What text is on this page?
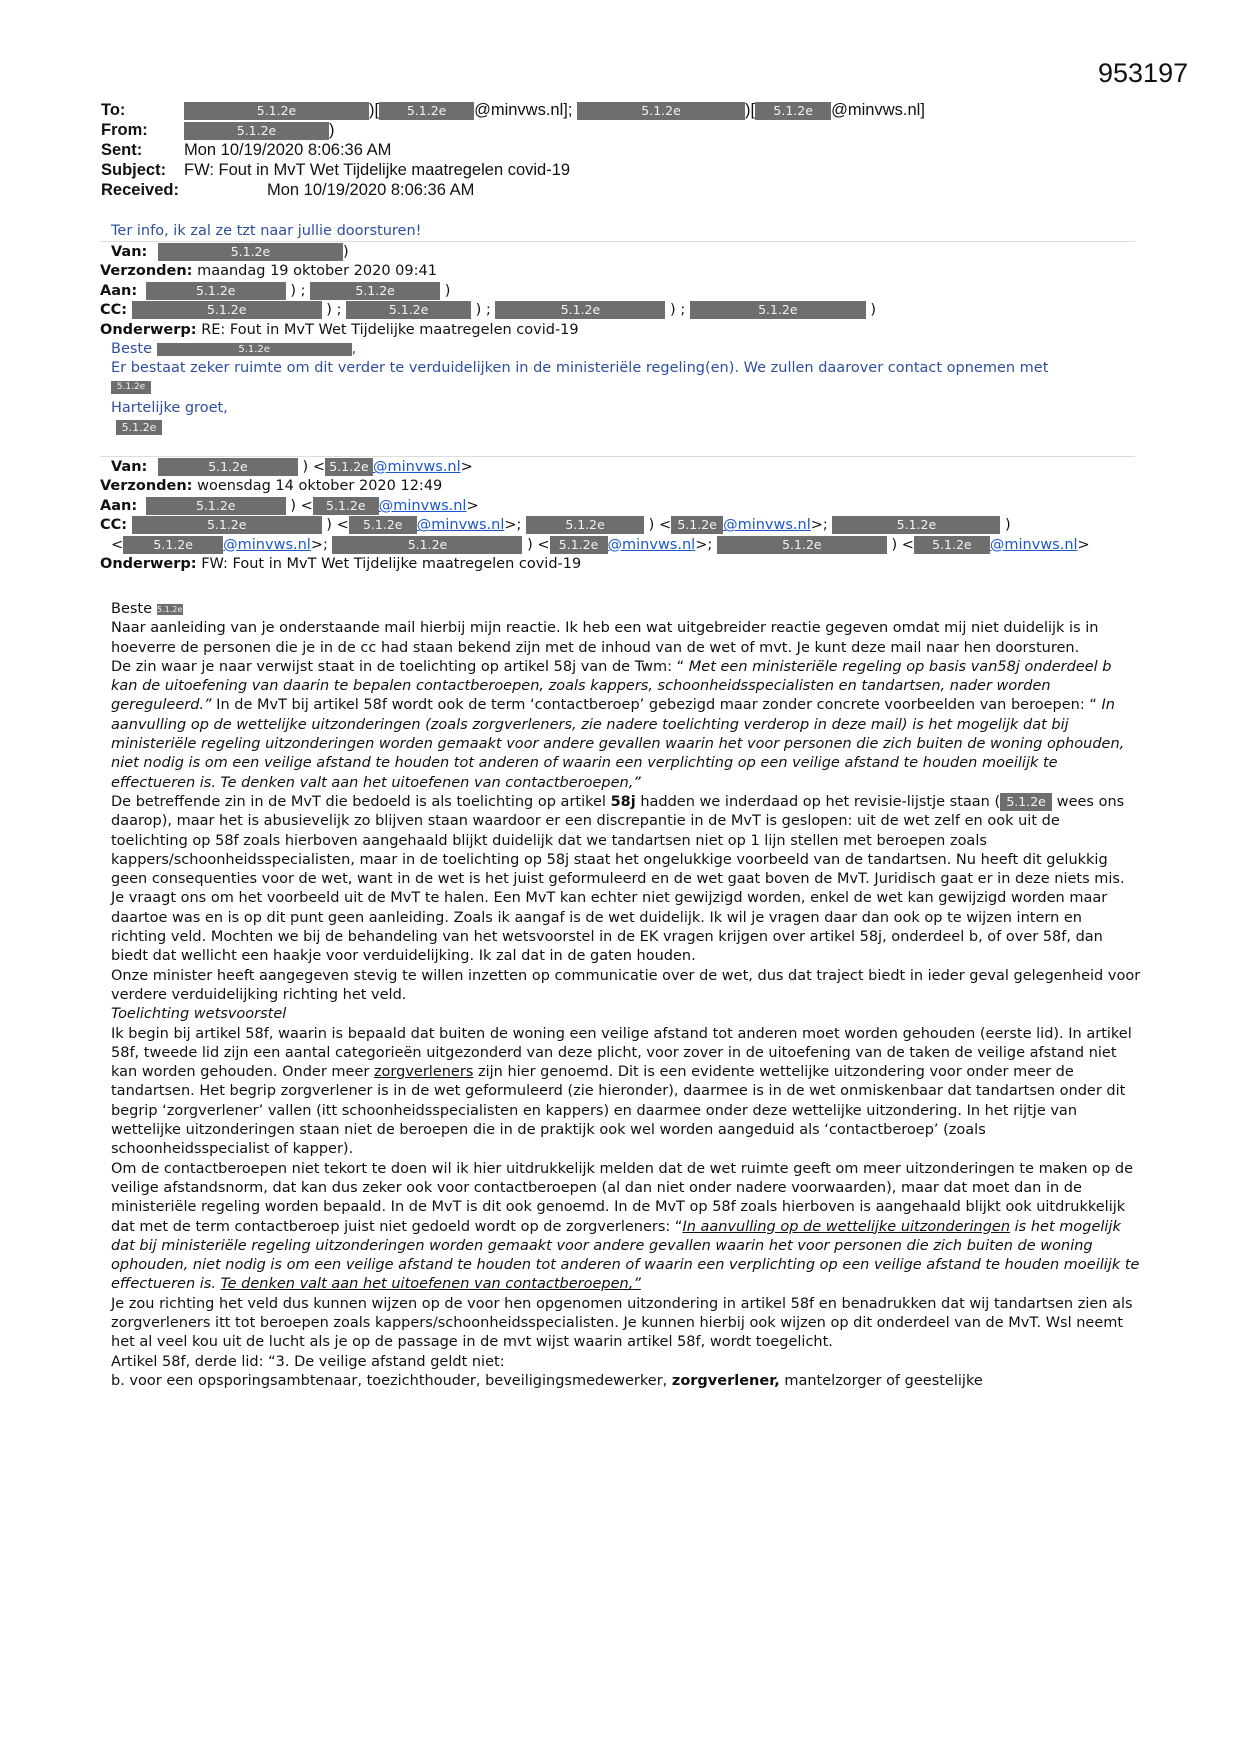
953197
To:	5.1.2e	)[ 5.1.2e @minvws.nl];	5.1.2e	)[ 5.1.2e @minvws.nl]
From:	5.1.2e	)
Sent:	Mon 10/19/2020 8:06:36 AM
Subject: FW: Fout in MvT Wet Tijdelijke maatregelen covid-19
Received:	Mon 10/19/2020 8:06:36 AM
Ter info, ik zal ze tzt naar jullie doorsturen!
Van:	5.1.2e	)
Verzonden: maandag 19 oktober 2020 09:41
Aan:	5.1.2e	) ;	5.1.2e	)
CC:	5.1.2e	) ;	5.1.2e	) ;	5.1.2e	) ;	5.1.2e	)
Onderwerp: RE: Fout in MvT Wet Tijdelijke maatregelen covid-19
Beste	5.1.2e	,
Er bestaat zeker ruimte om dit verder te verduidelijken in de ministeriële regeling(en). We zullen daarover contact opnemen met
5.1.2e
Hartelijke groet,
5.1.2e
Van:	5.1.2e	) < 5.1.2e @minvws.nl>
Verzonden: woensdag 14 oktober 2020 12:49
Aan:	5.1.2e	) < 5.1.2e @minvws.nl>
CC:	5.1.2e	) < 5.1.2e @minvws.nl>;	5.1.2e	) < 5.1.2e @minvws.nl>;	5.1.2e	)
< 5.1.2e @minvws.nl>;	5.1.2e	) < 5.1.2e @minvws.nl>;	5.1.2e	) < 5.1.2e @minvws.nl>
Onderwerp: FW: Fout in MvT Wet Tijdelijke maatregelen covid-19

Beste 5.1.2e

Naar aanleiding van je onderstaande mail hierbij mijn reactie. Ik heb een wat uitgebreider reactie gegeven omdat mij niet duidelijk is in hoeverre de personen die je in de cc had staan bekend zijn met de inhoud van de wet of mvt. Je kunt deze mail naar hen doorsturen.

De zin waar je naar verwijst staat in de toelichting op artikel 58j van de Twm: “ Met een ministeriële regeling op basis van58j onderdeel b kan de uitoefening van daarin te bepalen contactberoepen, zoals kappers, schoonheidsspecialisten en tandartsen, nader worden gereguleerd.” In de MvT bij artikel 58f wordt ook de term ‘contactberoep’ gebezigd maar zonder concrete voorbeelden van beroepen: “ In aanvulling op de wettelijke uitzonderingen (zoals zorgverleners, zie nadere toelichting verderop in deze mail) is het mogelijk dat bij ministeriële regeling uitzonderingen worden gemaakt voor andere gevallen waarin het voor personen die zich buiten de woning ophouden, niet nodig is om een veilige afstand te houden tot anderen of waarin een verplichting op een veilige afstand te houden moeilijk te effectueren is. Te denken valt aan het uitoefenen van contactberoepen,”

De betreffende zin in de MvT die bedoeld is als toelichting op artikel 58j hadden we inderdaad op het revisie-lijstje staan ( 5.1.2e wees ons daarop), maar het is abusievelijk zo blijven staan waardoor er een discrepantie in de MvT is geslopen: uit de wet zelf en ook uit de toelichting op 58f zoals hierboven aangehaald blijkt duidelijk dat we tandartsen niet op 1 lijn stellen met beroepen zoals kappers/schoonheidsspecialisten, maar in de toelichting op 58j staat het ongelukkige voorbeeld van de tandartsen. Nu heeft dit gelukkig geen consequenties voor de wet, want in de wet is het juist geformuleerd en de wet gaat boven de MvT. Juridisch gaat er in deze niets mis.

Je vraagt ons om het voorbeeld uit de MvT te halen. Een MvT kan echter niet gewijzigd worden, enkel de wet kan gewijzigd worden maar daartoe was en is op dit punt geen aanleiding. Zoals ik aangaf is de wet duidelijk. Ik wil je vragen daar dan ook op te wijzen intern en richting veld. Mochten we bij de behandeling van het wetsvoorstel in de EK vragen krijgen over artikel 58j, onderdeel b, of over 58f, dan biedt dat wellicht een haakje voor verduidelijking. Ik zal dat in de gaten houden.

Onze minister heeft aangegeven stevig te willen inzetten op communicatie over de wet, dus dat traject biedt in ieder geval gelegenheid voor verdere verduidelijking richting het veld.

Toelichting wetsvoorstel

Ik begin bij artikel 58f, waarin is bepaald dat buiten de woning een veilige afstand tot anderen moet worden gehouden (eerste lid). In artikel 58f, tweede lid zijn een aantal categorieën uitgezonderd van deze plicht, voor zover in de uitoefening van de taken de veilige afstand niet kan worden gehouden. Onder meer zorgverleners zijn hier genoemd. Dit is een evidente wettelijke uitzondering voor onder meer de tandartsen. Het begrip zorgverlener is in de wet geformuleerd (zie hieronder), daarmee is in de wet onmiskenbaar dat tandartsen onder dit begrip ‘zorgverlener’ vallen (itt schoonheidsspecialisten en kappers) en daarmee onder deze wettelijke uitzondering. In het rijtje van wettelijke uitzonderingen staan niet de beroepen die in de praktijk ook wel worden aangeduid als ‘contactberoep’ (zoals schoonheidsspecialist of kapper).

Om de contactberoepen niet tekort te doen wil ik hier uitdrukkelijk melden dat de wet ruimte geeft om meer uitzonderingen te maken op de veilige afstandsnorm, dat kan dus zeker ook voor contactberoepen (al dan niet onder nadere voorwaarden), maar dat moet dan in de ministeriële regeling worden bepaald. In de MvT is dit ook genoemd. In de MvT op 58f zoals hierboven is aangehaald blijkt ook uitdrukkelijk dat met de term contactberoep juist niet gedoeld wordt op de zorgverleners: “In aanvulling op de wettelijke uitzonderingen is het mogelijk dat bij ministeriële regeling uitzonderingen worden gemaakt voor andere gevallen waarin het voor personen die zich buiten de woning ophouden, niet nodig is om een veilige afstand te houden tot anderen of waarin een verplichting op een veilige afstand te houden moeilijk te effectueren is. Te denken valt aan het uitoefenen van contactberoepen,”

Je zou richting het veld dus kunnen wijzen op de voor hen opgenomen uitzondering in artikel 58f en benadrukken dat wij tandartsen zien als zorgverleners itt tot beroepen zoals kappers/schoonheidsspecialisten. Je kunnen hierbij ook wijzen op dit onderdeel van de MvT. Wsl neemt het al veel kou uit de lucht als je op de passage in de mvt wijst waarin artikel 58f, wordt toegelicht.

Artikel 58f, derde lid: “3. De veilige afstand geldt niet:

b. voor een opsporingsambtenaar, toezichthouder, beveiligingsmedewerker, zorgverlener, mantelzorger of geestelijke
